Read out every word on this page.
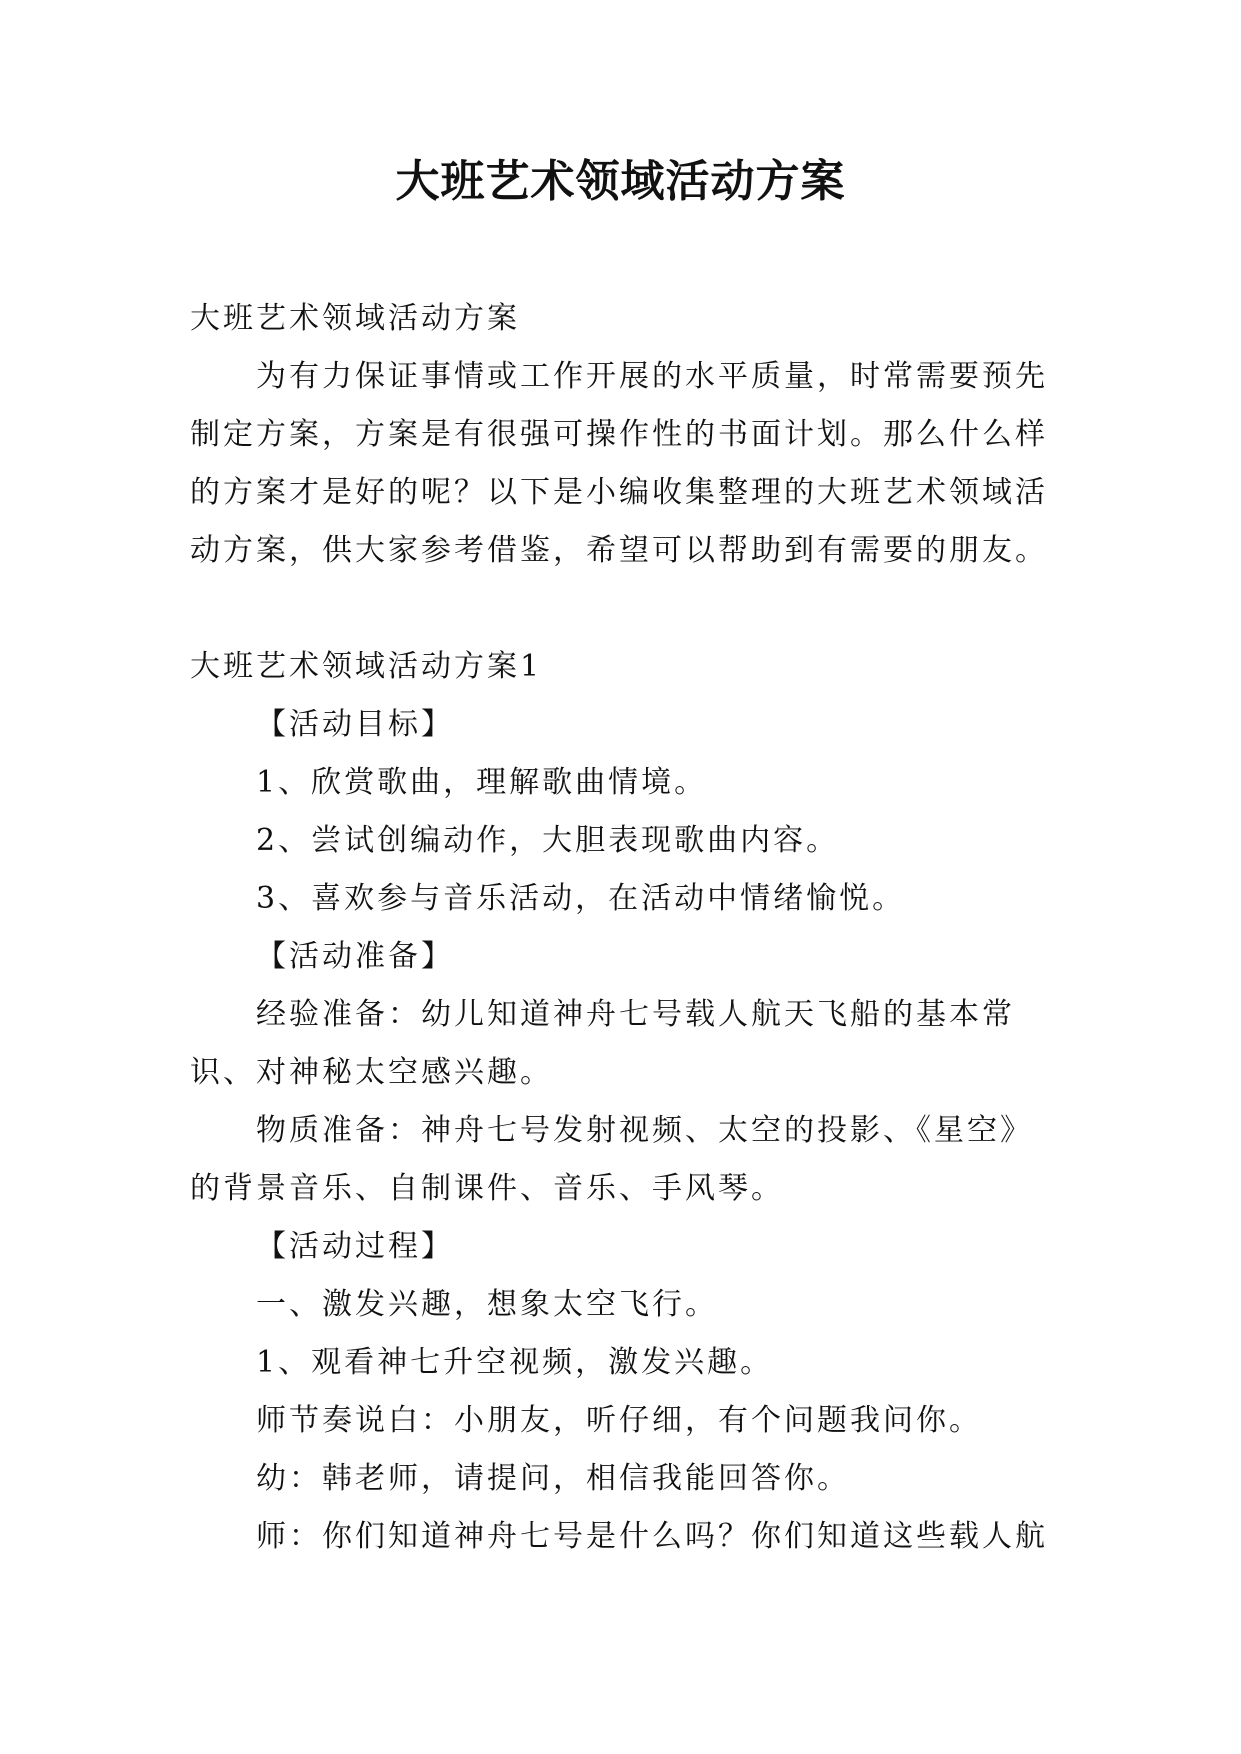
大班艺术领域活动方案

大班艺术领域活动方案

为有力保证事情或工作开展的水平质量，时常需要预先制定方案，方案是有很强可操作性的书面计划。那么什么样的方案才是好的呢？以下是小编收集整理的大班艺术领域活动方案，供大家参考借鉴，希望可以帮助到有需要的朋友。

大班艺术领域活动方案1

【活动目标】

1、欣赏歌曲，理解歌曲情境。

2、尝试创编动作，大胆表现歌曲内容。

3、喜欢参与音乐活动，在活动中情绪愉悦。

【活动准备】

经验准备：幼儿知道神舟七号载人航天飞船的基本常识、对神秘太空感兴趣。

物质准备：神舟七号发射视频、太空的投影、《星空》的背景音乐、自制课件、音乐、手风琴。

【活动过程】

一、激发兴趣，想象太空飞行。

1、观看神七升空视频，激发兴趣。

师节奏说白：小朋友，听仔细，有个问题我问你。

幼：韩老师，请提问，相信我能回答你。

师：你们知道神舟七号是什么吗？你们知道这些载人航
